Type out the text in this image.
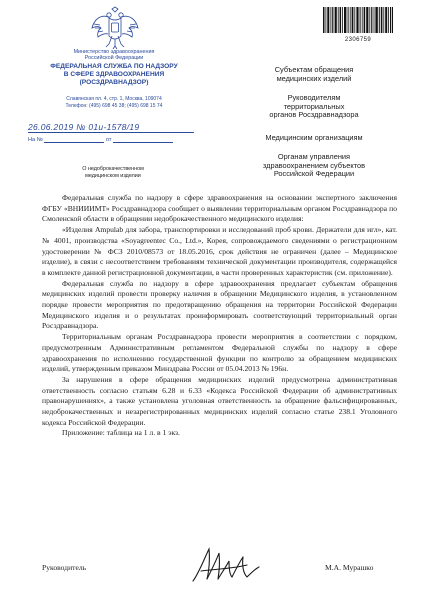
Министерство здравоохранения
Российской Федерации
ФЕДЕРАЛЬНАЯ СЛУЖБА ПО НАДЗОРУ
В СФЕРЕ ЗДРАВООХРАНЕНИЯ
(РОСЗДРАВНАДЗОР)
Славянская пл. 4, стр. 1, Москва, 109074
Телефон: (495) 698 45 38; (495) 698 15 74
26.06.2019 № 01и-1578/19
На №	от
О недоброкачественном
медицинском изделии
2306759
Субъектам обращения
медицинских изделий
Руководителям
территориальных
органов Росздравнадзора
Медицинским организациям
Органам управления
здравоохранением субъектов
Российской Федерации

Федеральная служба по надзору в сфере здравоохранения на основании экспертного заключения ФГБУ «ВНИИИМТ» Росздравнадзора сообщает о выявлении территориальным органом Росздравнадзора по Смоленской области в обращении недоброкачественного медицинского изделия:

«Изделия Ampulab для забора, транспортировки и исследований проб крови. Держатели для игл», кат. № 4001, производства «Soyagreentec Co., Ltd.», Корея, сопровождаемого сведениями о регистрационном удостоверении № ФСЗ 2010/08573 от 18.05.2016, срок действия не ограничен (далее – Медицинское изделие), в связи с несоответствием требованиям технической документации производителя, содержащейся в комплекте данной регистрационной документации, в части проверенных характеристик (см. приложение).

Федеральная служба по надзору в сфере здравоохранения предлагает субъектам обращения медицинских изделий провести проверку наличия в обращении Медицинского изделия, в установленном порядке провести мероприятия по предотвращению обращения на территории Российской Федерации Медицинского изделия и о результатах проинформировать соответствующий территориальный орган Росздравнадзора.

Территориальным органам Росздравнадзора провести мероприятия в соответствии с порядком, предусмотренным Административным регламентом Федеральной службы по надзору в сфере здравоохранения по исполнению государственной функции по контролю за обращением медицинских изделий, утвержденным приказом Минздрава России от 05.04.2013 № 196н.

За нарушения в сфере обращения медицинских изделий предусмотрена административная ответственность согласно статьям 6.28 и 6.33 «Кодекса Российской Федерации об административных правонарушениях», а также установлена уголовная ответственность за обращение фальсифицированных, недоброкачественных и незарегистрированных медицинских изделий согласно статье 238.1 Уголовного кодекса Российской Федерации.

Приложение: таблица на 1 л. в 1 экз.

Руководитель	М.А. Мурашко
